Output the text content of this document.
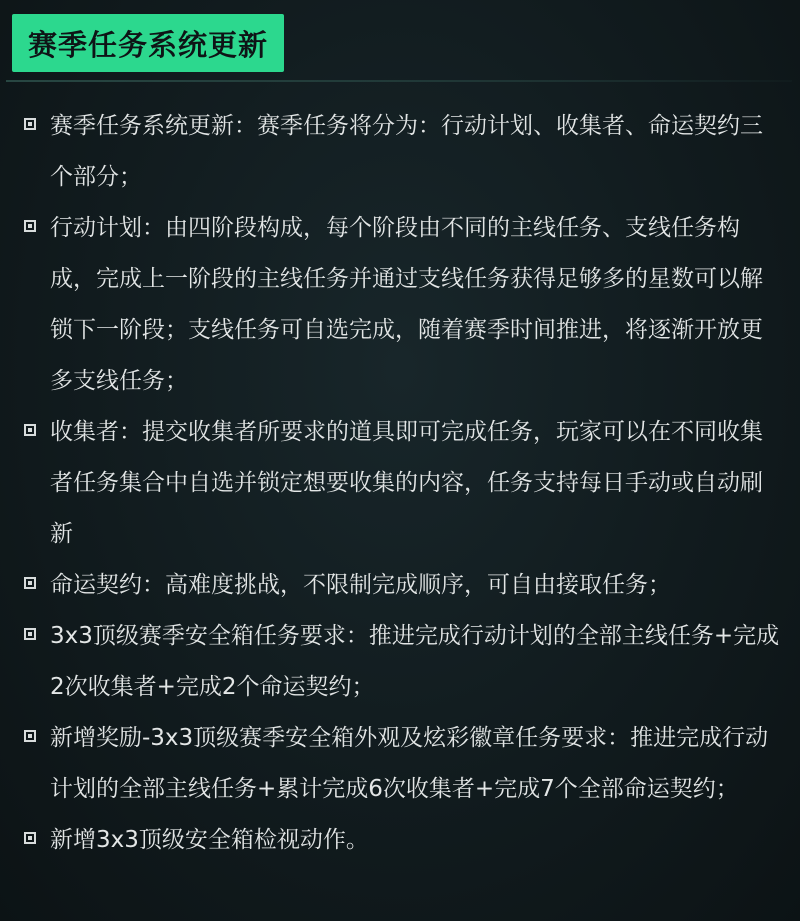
赛季任务系统更新
赛季任务系统更新：赛季任务将分为：行动计划、收集者、命运契约三个部分；
行动计划：由四阶段构成，每个阶段由不同的主线任务、支线任务构成，完成上一阶段的主线任务并通过支线任务获得足够多的星数可以解锁下一阶段；支线任务可自选完成，随着赛季时间推进，将逐渐开放更多支线任务；
收集者：提交收集者所要求的道具即可完成任务，玩家可以在不同收集者任务集合中自选并锁定想要收集的内容，任务支持每日手动或自动刷新
命运契约：高难度挑战，不限制完成顺序，可自由接取任务；
3x3顶级赛季安全箱任务要求：推进完成行动计划的全部主线任务+完成2次收集者+完成2个命运契约；
新增奖励-3x3顶级赛季安全箱外观及炫彩徽章任务要求：推进完成行动计划的全部主线任务+累计完成6次收集者+完成7个全部命运契约；
新增3x3顶级安全箱检视动作。
